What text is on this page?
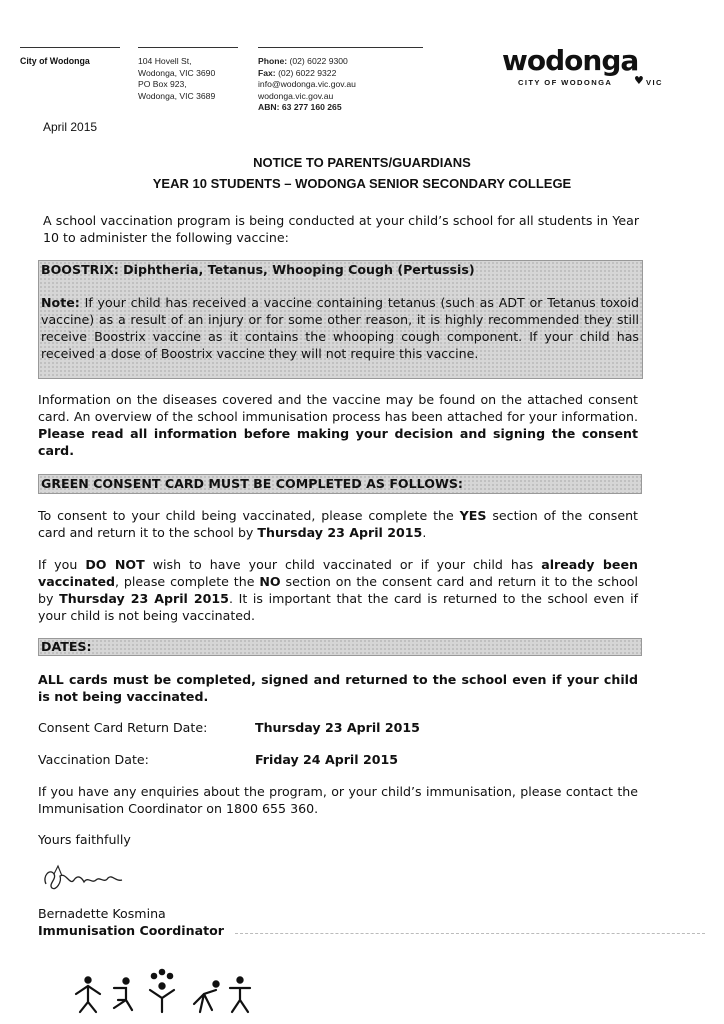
City of Wodonga	104 Hovell St,
Wodonga, VIC 3690
PO Box 923,
Wodonga, VIC 3689
Phone: (02) 6022 9300
Fax: (02) 6022 9322
info@wodonga.vic.gov.au
wodonga.vic.gov.au
ABN: 63 277 160 265
wodonga
CITY OF WODONGA ♥ VIC
April 2015
NOTICE TO PARENTS/GUARDIANS
YEAR 10 STUDENTS – WODONGA SENIOR SECONDARY COLLEGE
A school vaccination program is being conducted at your child’s school for all students in Year 10 to administer the following vaccine:
BOOSTRIX: Diphtheria, Tetanus, Whooping Cough (Pertussis)
Note: If your child has received a vaccine containing tetanus (such as ADT or Tetanus toxoid vaccine) as a result of an injury or for some other reason, it is highly recommended they still receive Boostrix vaccine as it contains the whooping cough component. If your child has received a dose of Boostrix vaccine they will not require this vaccine.
Information on the diseases covered and the vaccine may be found on the attached consent card. An overview of the school immunisation process has been attached for your information. Please read all information before making your decision and signing the consent card.
GREEN CONSENT CARD MUST BE COMPLETED AS FOLLOWS:
To consent to your child being vaccinated, please complete the YES section of the consent card and return it to the school by Thursday 23 April 2015.
If you DO NOT wish to have your child vaccinated or if your child has already been vaccinated, please complete the NO section on the consent card and return it to the school by Thursday 23 April 2015. It is important that the card is returned to the school even if your child is not being vaccinated.
DATES:
ALL cards must be completed, signed and returned to the school even if your child is not being vaccinated.
Consent Card Return Date:	Thursday 23 April 2015
Vaccination Date:	Friday 24 April 2015
If you have any enquiries about the program, or your child’s immunisation, please contact the Immunisation Coordinator on 1800 655 360.
Yours faithfully
Bernadette Kosmina
Immunisation Coordinator
